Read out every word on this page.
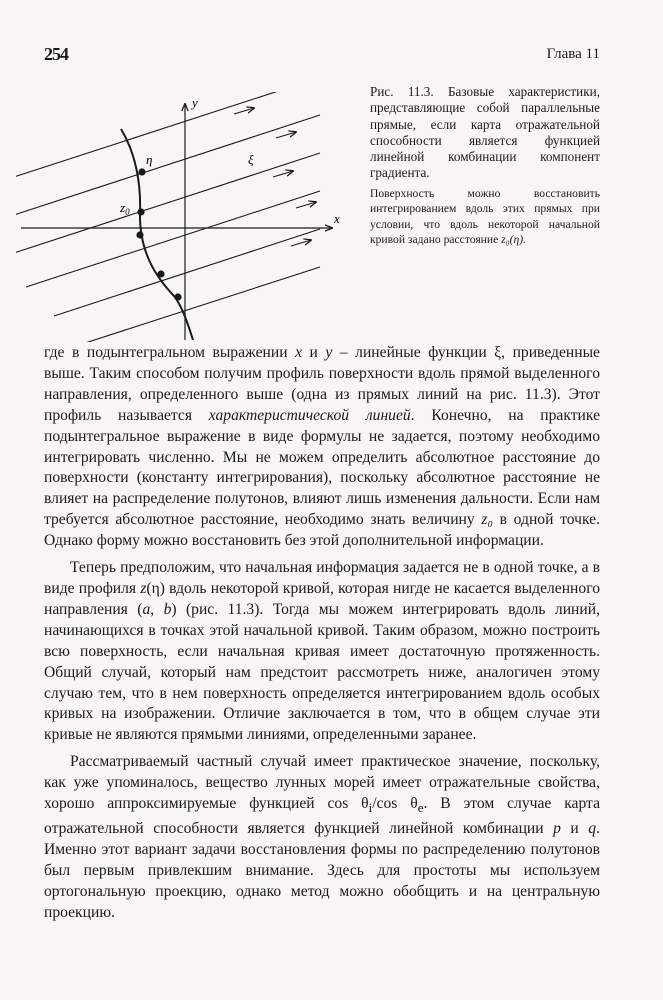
254	Глава 11
y
x
η	ξ
$z_0$

Рис. 11.3. Базовые характеристики, представляющие собой параллельные прямые, если карта отражательной способности является функцией линейной комбинации компонент градиента.

Поверхность можно восстановить интегрированием вдоль этих прямых при условии, что вдоль некоторой начальной кривой задано расстояние z₀(η).

где в подынтегральном выражении x и y – линейные функции ξ, приведенные выше. Таким способом получим профиль поверхности вдоль прямой выделенного направления, определенного выше (одна из прямых линий на рис. 11.3). Этот профиль называется характеристической линией. Конечно, на практике подынтегральное выражение в виде формулы не задается, поэтому необходимо интегрировать численно. Мы не можем определить абсолютное расстояние до поверхности (константу интегрирования), поскольку абсолютное расстояние не влияет на распределение полутонов, влияют лишь изменения дальности. Если нам требуется абсолютное расстояние, необходимо знать величину z₀ в одной точке. Однако форму можно восстановить без этой дополнительной информации.

Теперь предположим, что начальная информация задается не в одной точке, а в виде профиля z(η) вдоль некоторой кривой, которая нигде не касается выделенного направления (a, b) (рис. 11.3). Тогда мы можем интегрировать вдоль линий, начинающихся в точках этой начальной кривой. Таким образом, можно построить всю поверхность, если начальная кривая имеет достаточную протяженность. Общий случай, который нам предстоит рассмотреть ниже, аналогичен этому случаю тем, что в нем поверхность определяется интегрированием вдоль особых кривых на изображении. Отличие заключается в том, что в общем случае эти кривые не являются прямыми линиями, определенными заранее.

Рассматриваемый частный случай имеет практическое значение, поскольку, как уже упоминалось, вещество лунных морей имеет отражательные свойства, хорошо аппроксимируемые функцией $\cos \theta_i/\cos$ $\theta_e$. В этом случае карта отражательной способности является функцией линейной комбинации p и q. Именно этот вариант задачи восстановления формы по распределению полутонов был первым привлекшим внимание. Здесь для простоты мы используем ортогональную проекцию, однако метод можно обобщить и на центральную проекцию.
